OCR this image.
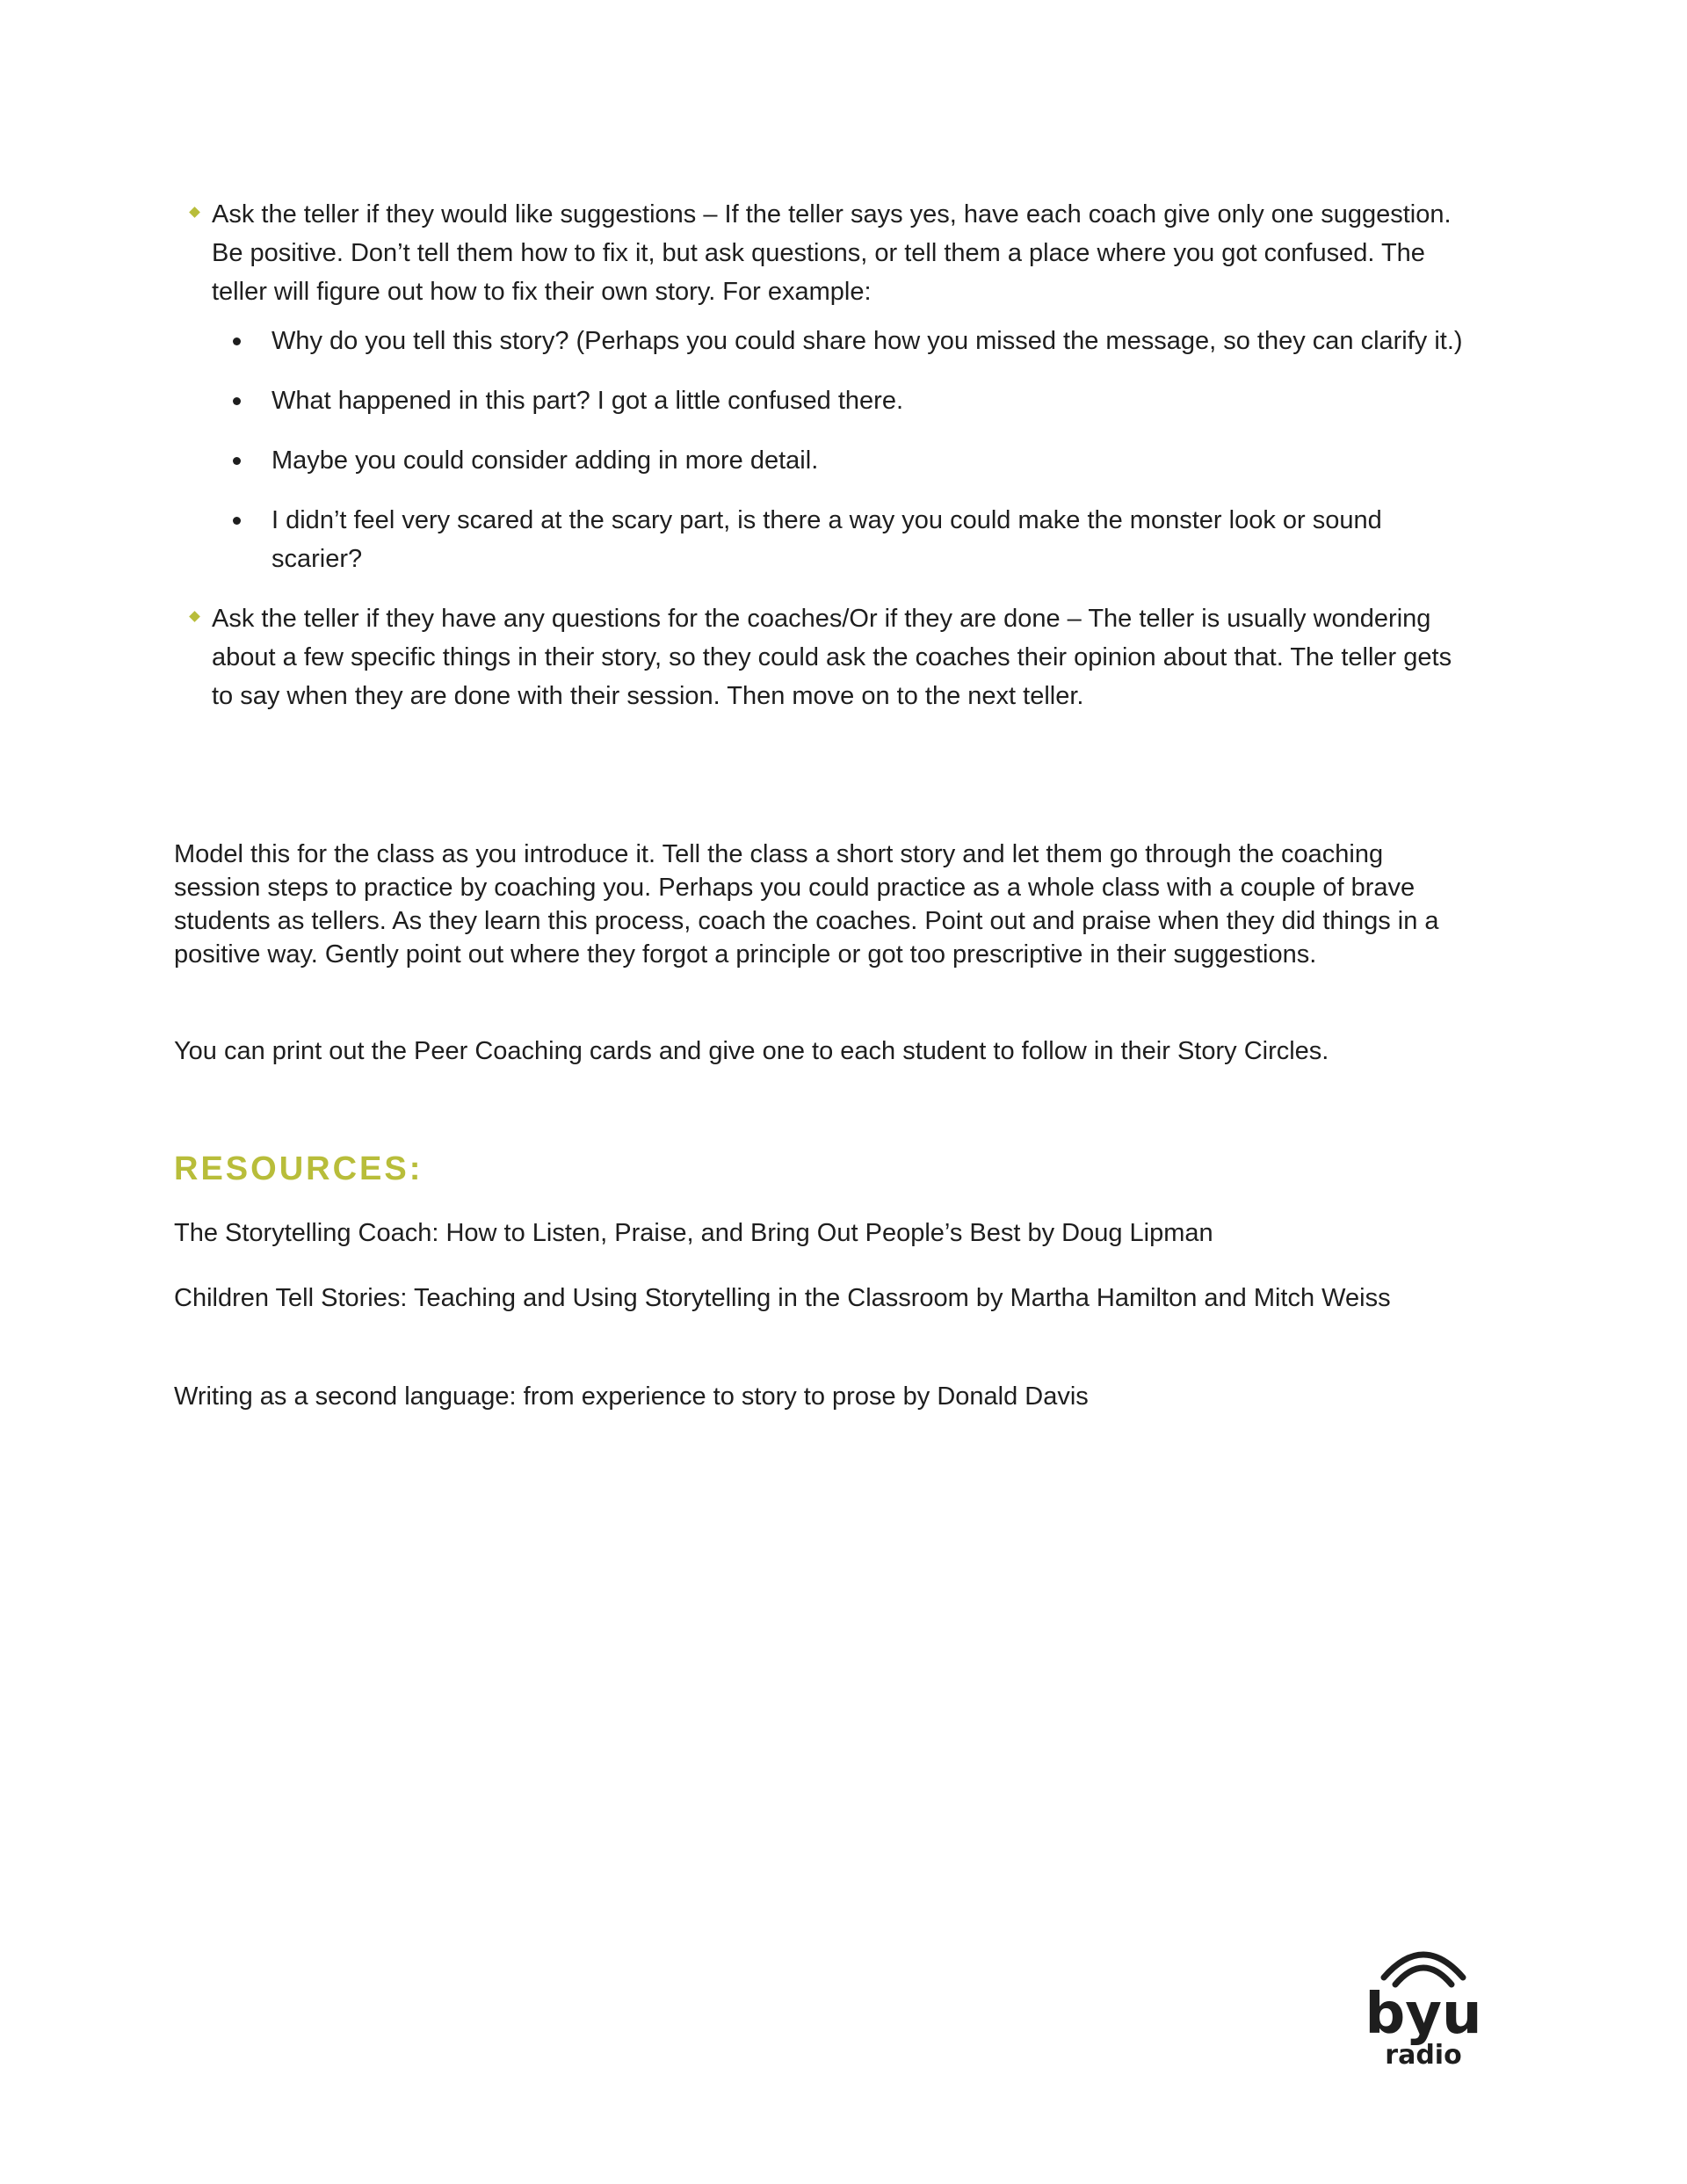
Ask the teller if they would like suggestions – If the teller says yes, have each coach give only one suggestion. Be positive. Don’t tell them how to fix it, but ask questions, or tell them a place where you got confused. The teller will figure out how to fix their own story. For example:
Why do you tell this story? (Perhaps you could share how you missed the message, so they can clarify it.)
What happened in this part? I got a little confused there.
Maybe you could consider adding in more detail.
I didn’t feel very scared at the scary part, is there a way you could make the monster look or sound scarier?
Ask the teller if they have any questions for the coaches/Or if they are done – The teller is usually wondering about a few specific things in their story, so they could ask the coaches their opinion about that. The teller gets to say when they are done with their session. Then move on to the next teller.

Model this for the class as you introduce it. Tell the class a short story and let them go through the coaching session steps to practice by coaching you. Perhaps you could practice as a whole class with a couple of brave students as tellers. As they learn this process, coach the coaches. Point out and praise when they did things in a positive way. Gently point out where they forgot a principle or got too prescriptive in their suggestions.

You can print out the Peer Coaching cards and give one to each student to follow in their Story Circles.

RESOURCES:

The Storytelling Coach: How to Listen, Praise, and Bring Out People’s Best by Doug Lipman

Children Tell Stories: Teaching and Using Storytelling in the Classroom by Martha Hamilton and Mitch Weiss

Writing as a second language: from experience to story to prose by Donald Davis

byu
radio
